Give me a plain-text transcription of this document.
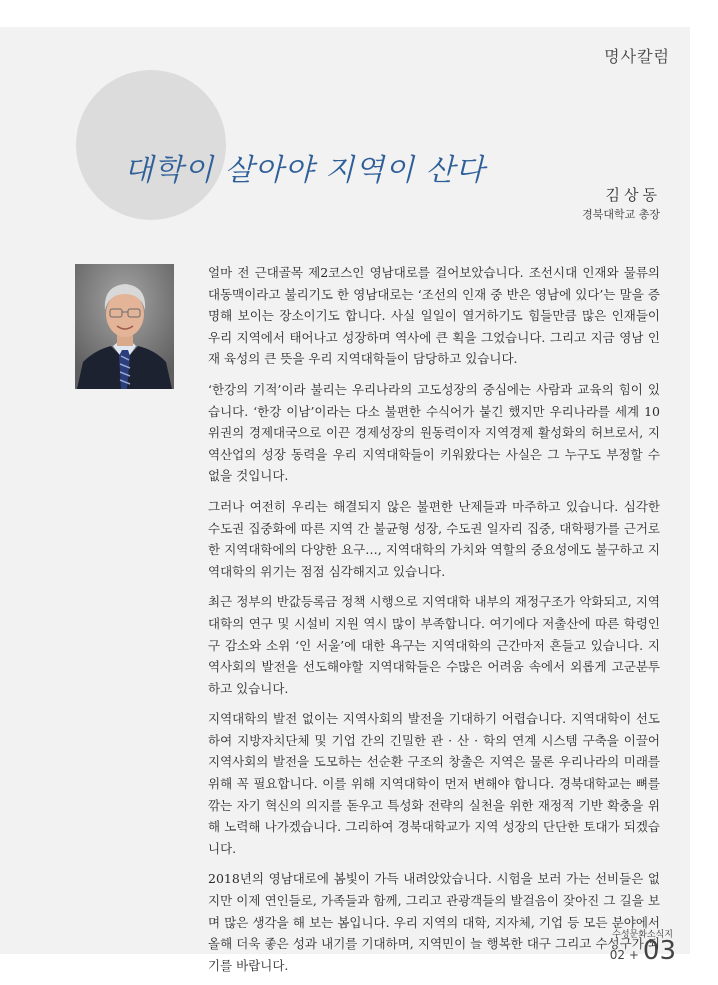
명사칼럼
대학이 살아야 지역이 산다
김상동
경북대학교 총장

얼마 전 근대골목 제2코스인 영남대로를 걸어보았습니다. 조선시대 인재와 물류의 대동맥이라고 불리기도 한 영남대로는 ‘조선의 인재 중 반은 영남에 있다’는 말을 증명해 보이는 장소이기도 합니다. 사실 일일이 열거하기도 힘들만큼 많은 인재들이 우리 지역에서 태어나고 성장하며 역사에 큰 획을 그었습니다. 그리고 지금 영남 인재 육성의 큰 뜻을 우리 지역대학들이 담당하고 있습니다.

‘한강의 기적’이라 불리는 우리나라의 고도성장의 중심에는 사람과 교육의 힘이 있습니다. ‘한강 이남’이라는 다소 불편한 수식어가 붙긴 했지만 우리나라를 세계 10위권의 경제대국으로 이끈 경제성장의 원동력이자 지역경제 활성화의 허브로서, 지역산업의 성장 동력을 우리 지역대학들이 키워왔다는 사실은 그 누구도 부정할 수 없을 것입니다.

그러나 여전히 우리는 해결되지 않은 불편한 난제들과 마주하고 있습니다. 심각한 수도권 집중화에 따른 지역 간 불균형 성장, 수도권 일자리 집중, 대학평가를 근거로 한 지역대학에의 다양한 요구…, 지역대학의 가치와 역할의 중요성에도 불구하고 지역대학의 위기는 점점 심각해지고 있습니다.

최근 정부의 반값등록금 정책 시행으로 지역대학 내부의 재정구조가 악화되고, 지역대학의 연구 및 시설비 지원 역시 많이 부족합니다. 여기에다 저출산에 따른 학령인구 감소와 소위 ‘인 서울’에 대한 욕구는 지역대학의 근간마저 흔들고 있습니다. 지역사회의 발전을 선도해야할 지역대학들은 수많은 어려움 속에서 외롭게 고군분투하고 있습니다.

지역대학의 발전 없이는 지역사회의 발전을 기대하기 어렵습니다. 지역대학이 선도하여 지방자치단체 및 기업 간의 긴밀한 관 · 산 · 학의 연계 시스템 구축을 이끌어 지역사회의 발전을 도모하는 선순환 구조의 창출은 지역은 물론 우리나라의 미래를 위해 꼭 필요합니다. 이를 위해 지역대학이 먼저 변해야 합니다. 경북대학교는 뼈를 깎는 자기 혁신의 의지를 돋우고 특성화 전략의 실천을 위한 재정적 기반 확충을 위해 노력해 나가겠습니다. 그리하여 경북대학교가 지역 성장의 단단한 토대가 되겠습니다.

2018년의 영남대로에 봄빛이 가득 내려앉았습니다. 시험을 보러 가는 선비들은 없지만 이제 연인들로, 가족들과 함께, 그리고 관광객들의 발걸음이 잦아진 그 길을 보며 많은 생각을 해 보는 봄입니다. 우리 지역의 대학, 지자체, 기업 등 모든 분야에서 올해 더욱 좋은 성과 내기를 기대하며, 지역민이 늘 행복한 대구 그리고 수성구가 되기를 바랍니다.

수성문화소식지
02 + 03
